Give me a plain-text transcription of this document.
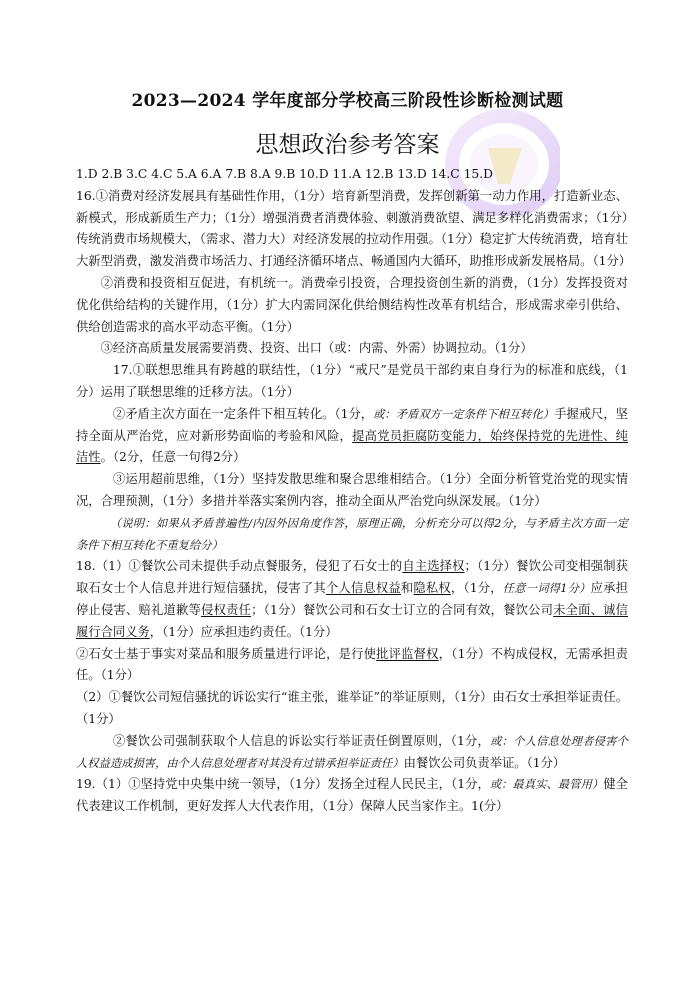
2023—2024 学年度部分学校高三阶段性诊断检测试题
思想政治参考答案

1.D 2.B 3.C 4.C 5.A 6.A 7.B 8.A 9.B 10.D 11.A 12.B 13.D 14.C 15.D

16.①消费对经济发展具有基础性作用，（1分）培育新型消费，发挥创新第一动力作用，打造新业态、新模式，形成新质生产力；（1分）增强消费者消费体验、刺激消费欲望、满足多样化消费需求；（1分）传统消费市场规模大，（需求、潜力大）对经济发展的拉动作用强。（1分）稳定扩大传统消费，培育壮大新型消费，激发消费市场活力、打通经济循环堵点、畅通国内大循环，助推形成新发展格局。（1分）

②消费和投资相互促进，有机统一。消费牵引投资，合理投资创生新的消费，（1分）发挥投资对优化供给结构的关键作用，（1分）扩大内需同深化供给侧结构性改革有机结合，形成需求牵引供给、供给创造需求的高水平动态平衡。（1分）

③经济高质量发展需要消费、投资、出口（或：内需、外需）协调拉动。（1分）

17.①联想思维具有跨越的联结性，（1分）“戒尺”是党员干部约束自身行为的标准和底线，（1分）运用了联想思维的迁移方法。（1分）

②矛盾主次方面在一定条件下相互转化。（1分，或：矛盾双方一定条件下相互转化）手握戒尺，坚持全面从严治党，应对新形势面临的考验和风险，提高党员拒腐防变能力，始终保持党的先进性、纯洁性。（2分，任意一句得2分）

③运用超前思维，（1分）坚持发散思维和聚合思维相结合。（1分）全面分析管党治党的现实情况，合理预测，（1分）多措并举落实案例内容，推动全面从严治党向纵深发展。（1分）

（说明：如果从矛盾普遍性/内因外因角度作答，原理正确，分析充分可以得2分，与矛盾主次方面一定条件下相互转化不重复给分）

18.（1）①餐饮公司未提供手动点餐服务，侵犯了石女士的自主选择权；（1分）餐饮公司变相强制获取石女士个人信息并进行短信骚扰，侵害了其个人信息权益和隐私权，（1分，任意一词得1分）应承担停止侵害、赔礼道歉等侵权责任；（1分）餐饮公司和石女士订立的合同有效，餐饮公司未全面、诚信履行合同义务，（1分）应承担违约责任。（1分）

②石女士基于事实对菜品和服务质量进行评论，是行使批评监督权，（1分）不构成侵权，无需承担责任。（1分）

（2）①餐饮公司短信骚扰的诉讼实行“谁主张，谁举证”的举证原则，（1分）由石女士承担举证责任。（1分）

②餐饮公司强制获取个人信息的诉讼实行举证责任倒置原则，（1分，或：个人信息处理者侵害个人权益造成损害，由个人信息处理者对其没有过错承担举证责任）由餐饮公司负责举证。（1分）

19.（1）①坚持党中央集中统一领导，（1分）发扬全过程人民民主，（1分，或：最真实、最管用）健全代表建议工作机制，更好发挥人大代表作用，（1分）保障人民当家作主。1(分）
